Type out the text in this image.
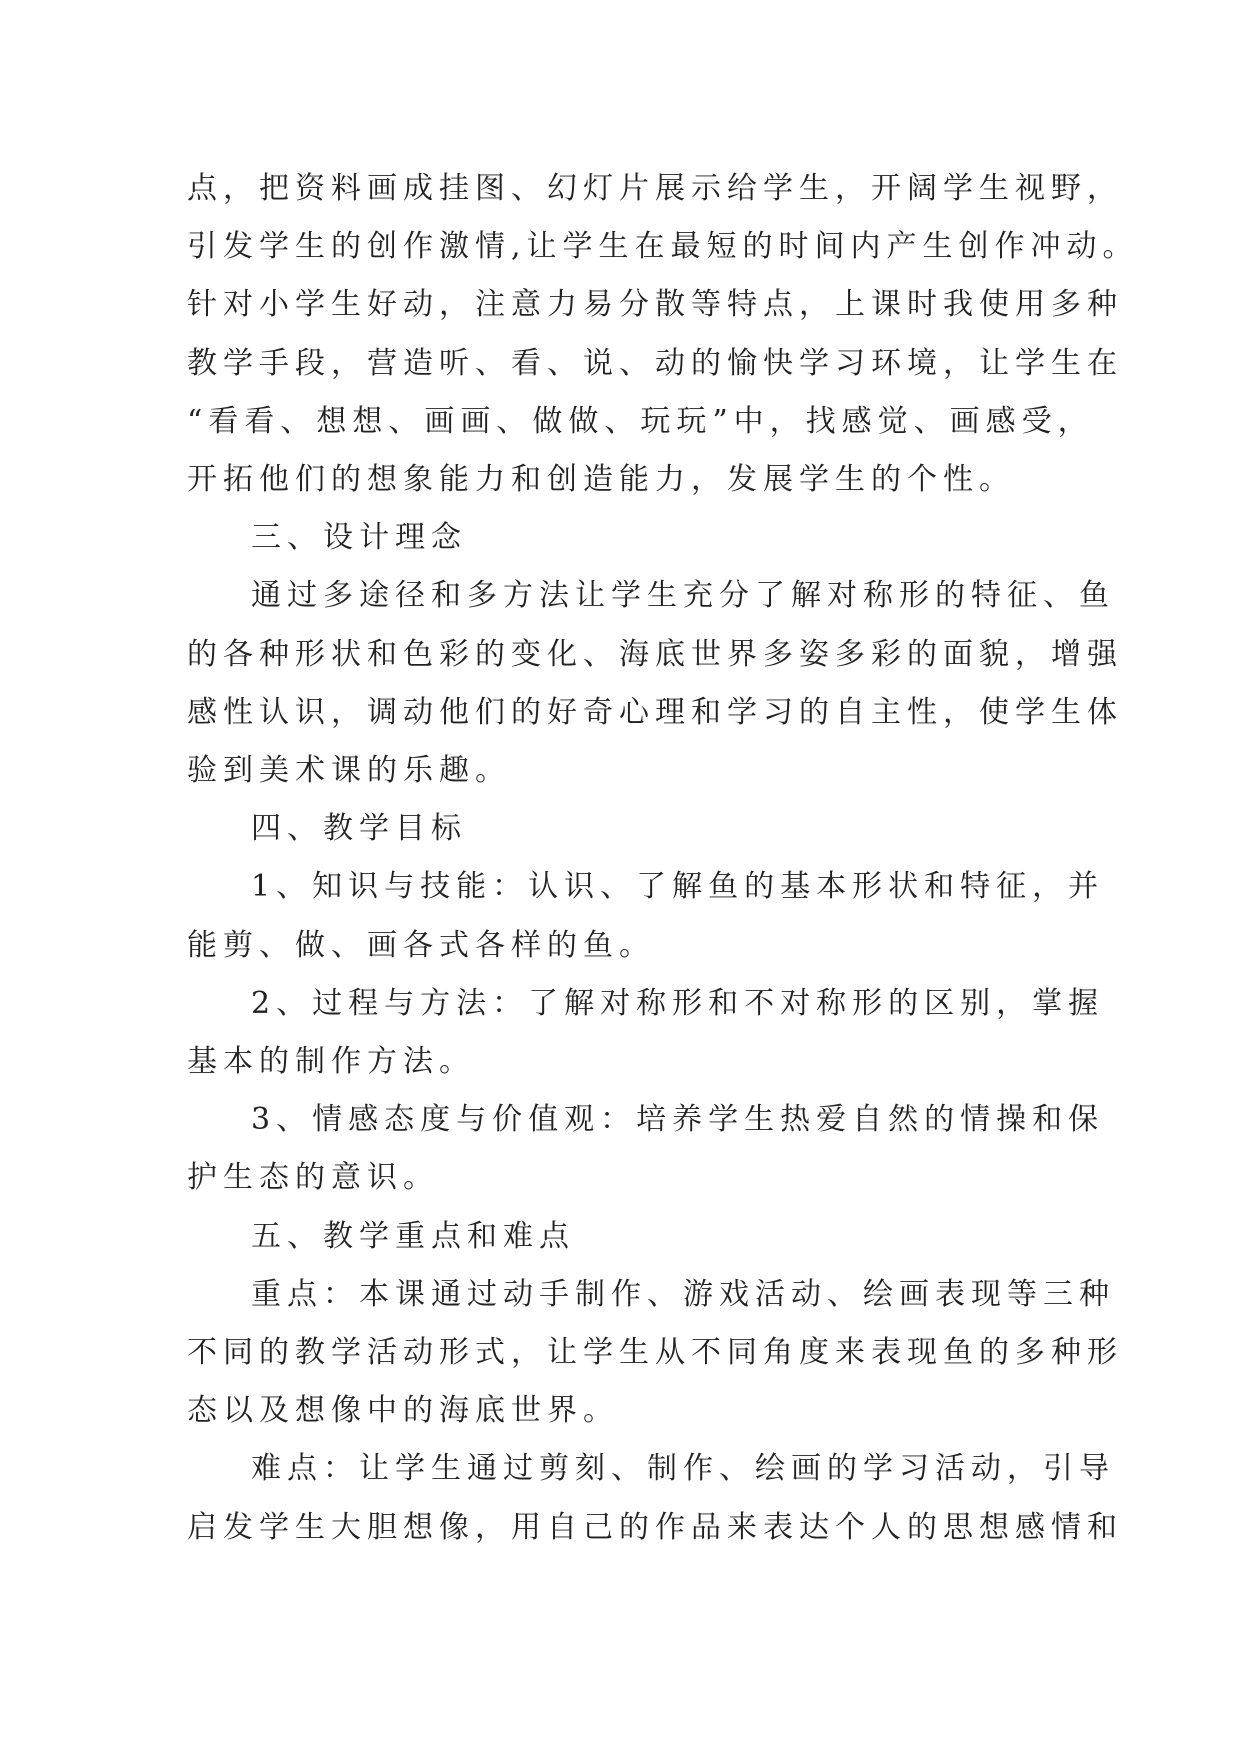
点，把资料画成挂图、幻灯片展示给学生，开阔学生视野，

引发学生的创作激情,让学生在最短的时间内产生创作冲动。

针对小学生好动，注意力易分散等特点，上课时我使用多种

教学手段，营造听、看、说、动的愉快学习环境，让学生在

“看看、想想、画画、做做、玩玩”中，找感觉、画感受，

开拓他们的想象能力和创造能力，发展学生的个性。

三、设计理念

通过多途径和多方法让学生充分了解对称形的特征、鱼

的各种形状和色彩的变化、海底世界多姿多彩的面貌，增强

感性认识，调动他们的好奇心理和学习的自主性，使学生体

验到美术课的乐趣。

四、教学目标

1、知识与技能：认识、了解鱼的基本形状和特征，并

能剪、做、画各式各样的鱼。

2、过程与方法：了解对称形和不对称形的区别，掌握

基本的制作方法。

3、情感态度与价值观：培养学生热爱自然的情操和保

护生态的意识。

五、教学重点和难点

重点：本课通过动手制作、游戏活动、绘画表现等三种

不同的教学活动形式，让学生从不同角度来表现鱼的多种形

态以及想像中的海底世界。

难点：让学生通过剪刻、制作、绘画的学习活动，引导

启发学生大胆想像，用自己的作品来表达个人的思想感情和
